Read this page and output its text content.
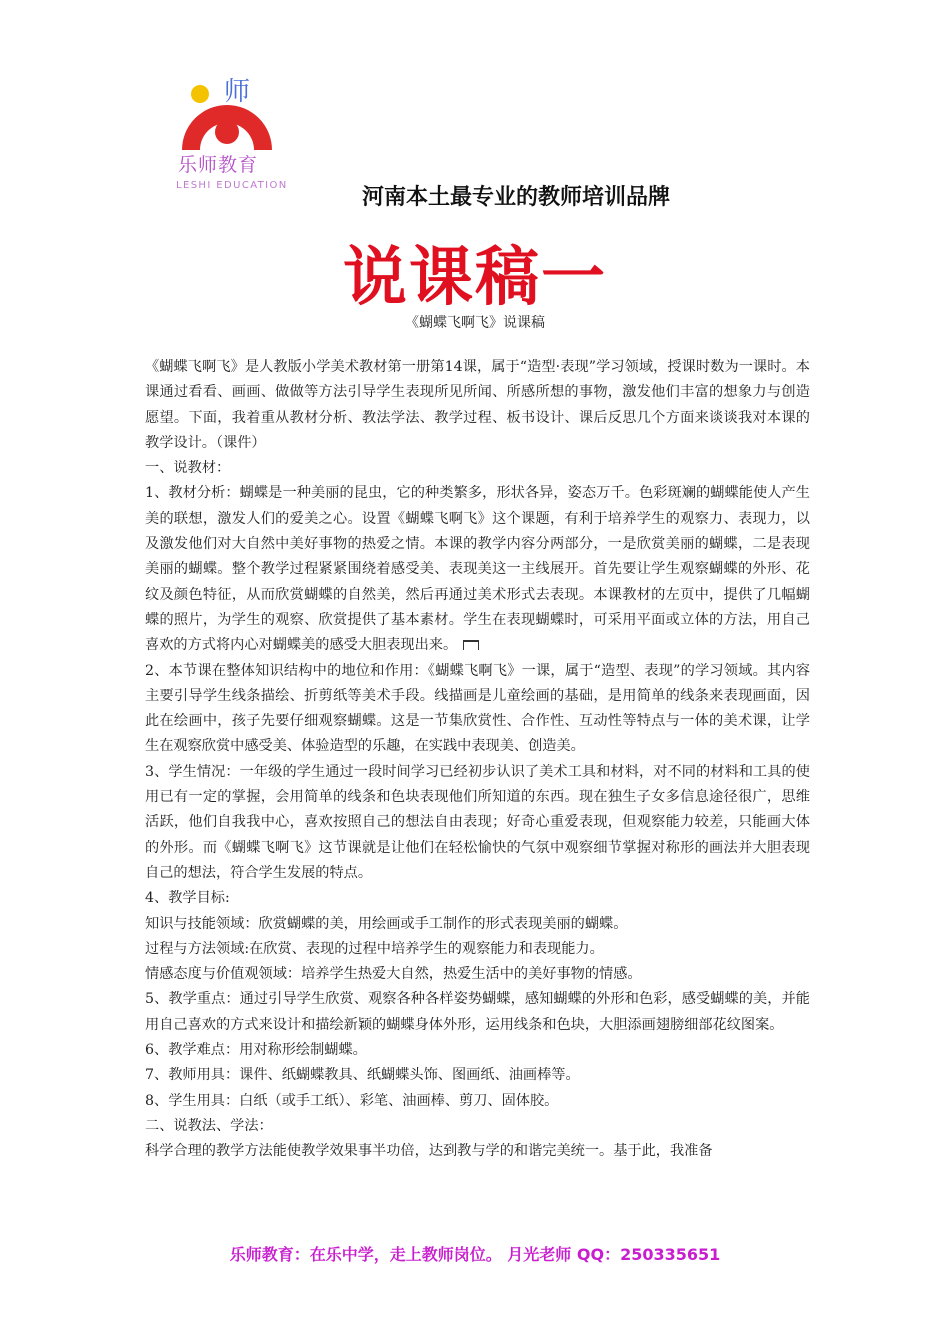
师
乐师教育
LESHI EDUCATION	河南本土最专业的教师培训品牌
说课稿一
《蝴蝶飞啊飞》说课稿

《蝴蝶飞啊飞》是人教版小学美术教材第一册第14课，属于“造型·表现”学习领域，授课时数为一课时。本课通过看看、画画、做做等方法引导学生表现所见所闻、所感所想的事物，激发他们丰富的想象力与创造愿望。下面，我着重从教材分析、教法学法、教学过程、板书设计、课后反思几个方面来谈谈我对本课的教学设计。（课件）

一、说教材：

1、教材分析：蝴蝶是一种美丽的昆虫，它的种类繁多，形状各异，姿态万千。色彩斑斓的蝴蝶能使人产生美的联想，激发人们的爱美之心。设置《蝴蝶飞啊飞》这个课题，有利于培养学生的观察力、表现力，以及激发他们对大自然中美好事物的热爱之情。本课的教学内容分两部分，一是欣赏美丽的蝴蝶，二是表现美丽的蝴蝶。整个教学过程紧紧围绕着感受美、表现美这一主线展开。首先要让学生观察蝴蝶的外形、花纹及颜色特征，从而欣赏蝴蝶的自然美，然后再通过美术形式去表现。本课教材的左页中，提供了几幅蝴蝶的照片，为学生的观察、欣赏提供了基本素材。学生在表现蝴蝶时，可采用平面或立体的方法，用自己喜欢的方式将内心对蝴蝶美的感受大胆表现出来。

2、本节课在整体知识结构中的地位和作用：《蝴蝶飞啊飞》一课，属于“造型、表现”的学习领域。其内容主要引导学生线条描绘、折剪纸等美术手段。线描画是儿童绘画的基础，是用简单的线条来表现画面，因此在绘画中，孩子先要仔细观察蝴蝶。这是一节集欣赏性、合作性、互动性等特点与一体的美术课，让学生在观察欣赏中感受美、体验造型的乐趣，在实践中表现美、创造美。

3、学生情况：一年级的学生通过一段时间学习已经初步认识了美术工具和材料，对不同的材料和工具的使用已有一定的掌握，会用简单的线条和色块表现他们所知道的东西。现在独生子女多信息途径很广，思维活跃，他们自我我中心，喜欢按照自己的想法自由表现；好奇心重爱表现，但观察能力较差，只能画大体的外形。而《蝴蝶飞啊飞》这节课就是让他们在轻松愉快的气氛中观察细节掌握对称形的画法并大胆表现自己的想法，符合学生发展的特点。

4、教学目标:

知识与技能领域：欣赏蝴蝶的美，用绘画或手工制作的形式表现美丽的蝴蝶。

过程与方法领域:在欣赏、表现的过程中培养学生的观察能力和表现能力。

情感态度与价值观领域：培养学生热爱大自然，热爱生活中的美好事物的情感。

5、教学重点：通过引导学生欣赏、观察各种各样姿势蝴蝶，感知蝴蝶的外形和色彩，感受蝴蝶的美，并能用自己喜欢的方式来设计和描绘新颖的蝴蝶身体外形，运用线条和色块，大胆添画翅膀细部花纹图案。

6、教学难点：用对称形绘制蝴蝶。

7、教师用具：课件、纸蝴蝶教具、纸蝴蝶头饰、图画纸、油画棒等。

8、学生用具：白纸（或手工纸）、彩笔、油画棒、剪刀、固体胶。

二、说教法、学法：

科学合理的教学方法能使教学效果事半功倍，达到教与学的和谐完美统一。基于此，我准备

乐师教育：在乐中学，走上教师岗位。 月光老师 QQ：250335651
